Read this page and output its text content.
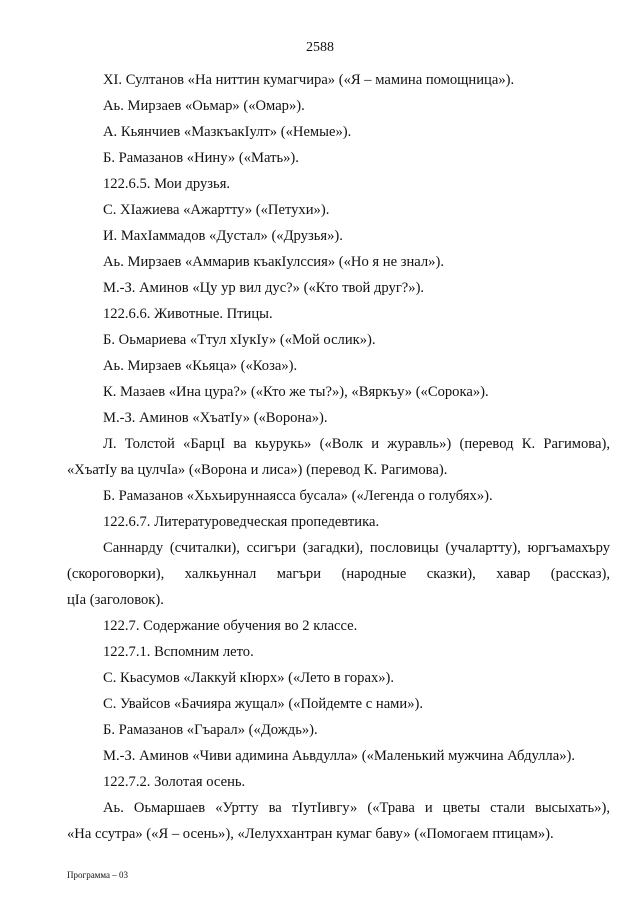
2588

XI. Султанов «На ниттин кумагчира» («Я – мамина помощница»).

Аь. Мирзаев «Оьмар» («Омар»).

А. Кьянчиев «МазкъакIулт» («Немые»).

Б. Рамазанов «Нину» («Мать»).

122.6.5. Мои друзья.

С. ХIажиева «Ажартту» («Петухи»).

И. МахIаммадов «Дустал» («Друзья»).

Аь. Мирзаев «Аммарив къакIулссия» («Но я не знал»).

М.-З. Аминов «Цу ур вил дус?» («Кто твой друг?»).

122.6.6. Животные. Птицы.

Б. Оьмариева «Ттул хIукIу» («Мой ослик»).

Аь. Мирзаев «Кьяца» («Коза»).

К. Мазаев «Ина цура?» («Кто же ты?»), «Вяркъу» («Сорока»).

М.-З. Аминов «ХъатIу» («Ворона»).

Л. Толстой «БарцI ва кьурукь» («Волк и журавль») (перевод К. Рагимова),
«ХъатIу ва цулчIа» («Ворона и лиса») (перевод К. Рагимова).

Б. Рамазанов «Хьхьируннаясса бусала» («Легенда о голубях»).

122.6.7. Литературоведческая пропедевтика.

Саннарду (считалки), ссигъри (загадки), пословицы (учалартту), юргъамахъру
(скороговорки), халкьуннал магъри (народные сказки), хавар (рассказ),
цIа (заголовок).

122.7. Содержание обучения во 2 классе.

122.7.1. Вспомним лето.

С. Кьасумов «Лаккуй кIюрх» («Лето в горах»).

С. Увайсов «Бачияра жущал» («Пойдемте с нами»).

Б. Рамазанов «Гъарал» («Дождь»).

М.-З. Аминов «Чиви адимина Аьвдулла» («Маленький мужчина Абдулла»).

122.7.2. Золотая осень.

Аь. Оьмаршаев «Уртту ва тIутIивгу» («Трава и цветы стали высыхать»),
«На ссутра» («Я – осень»), «Лелуххантран кумаг баву» («Помогаем птицам»).
Программа – 03
